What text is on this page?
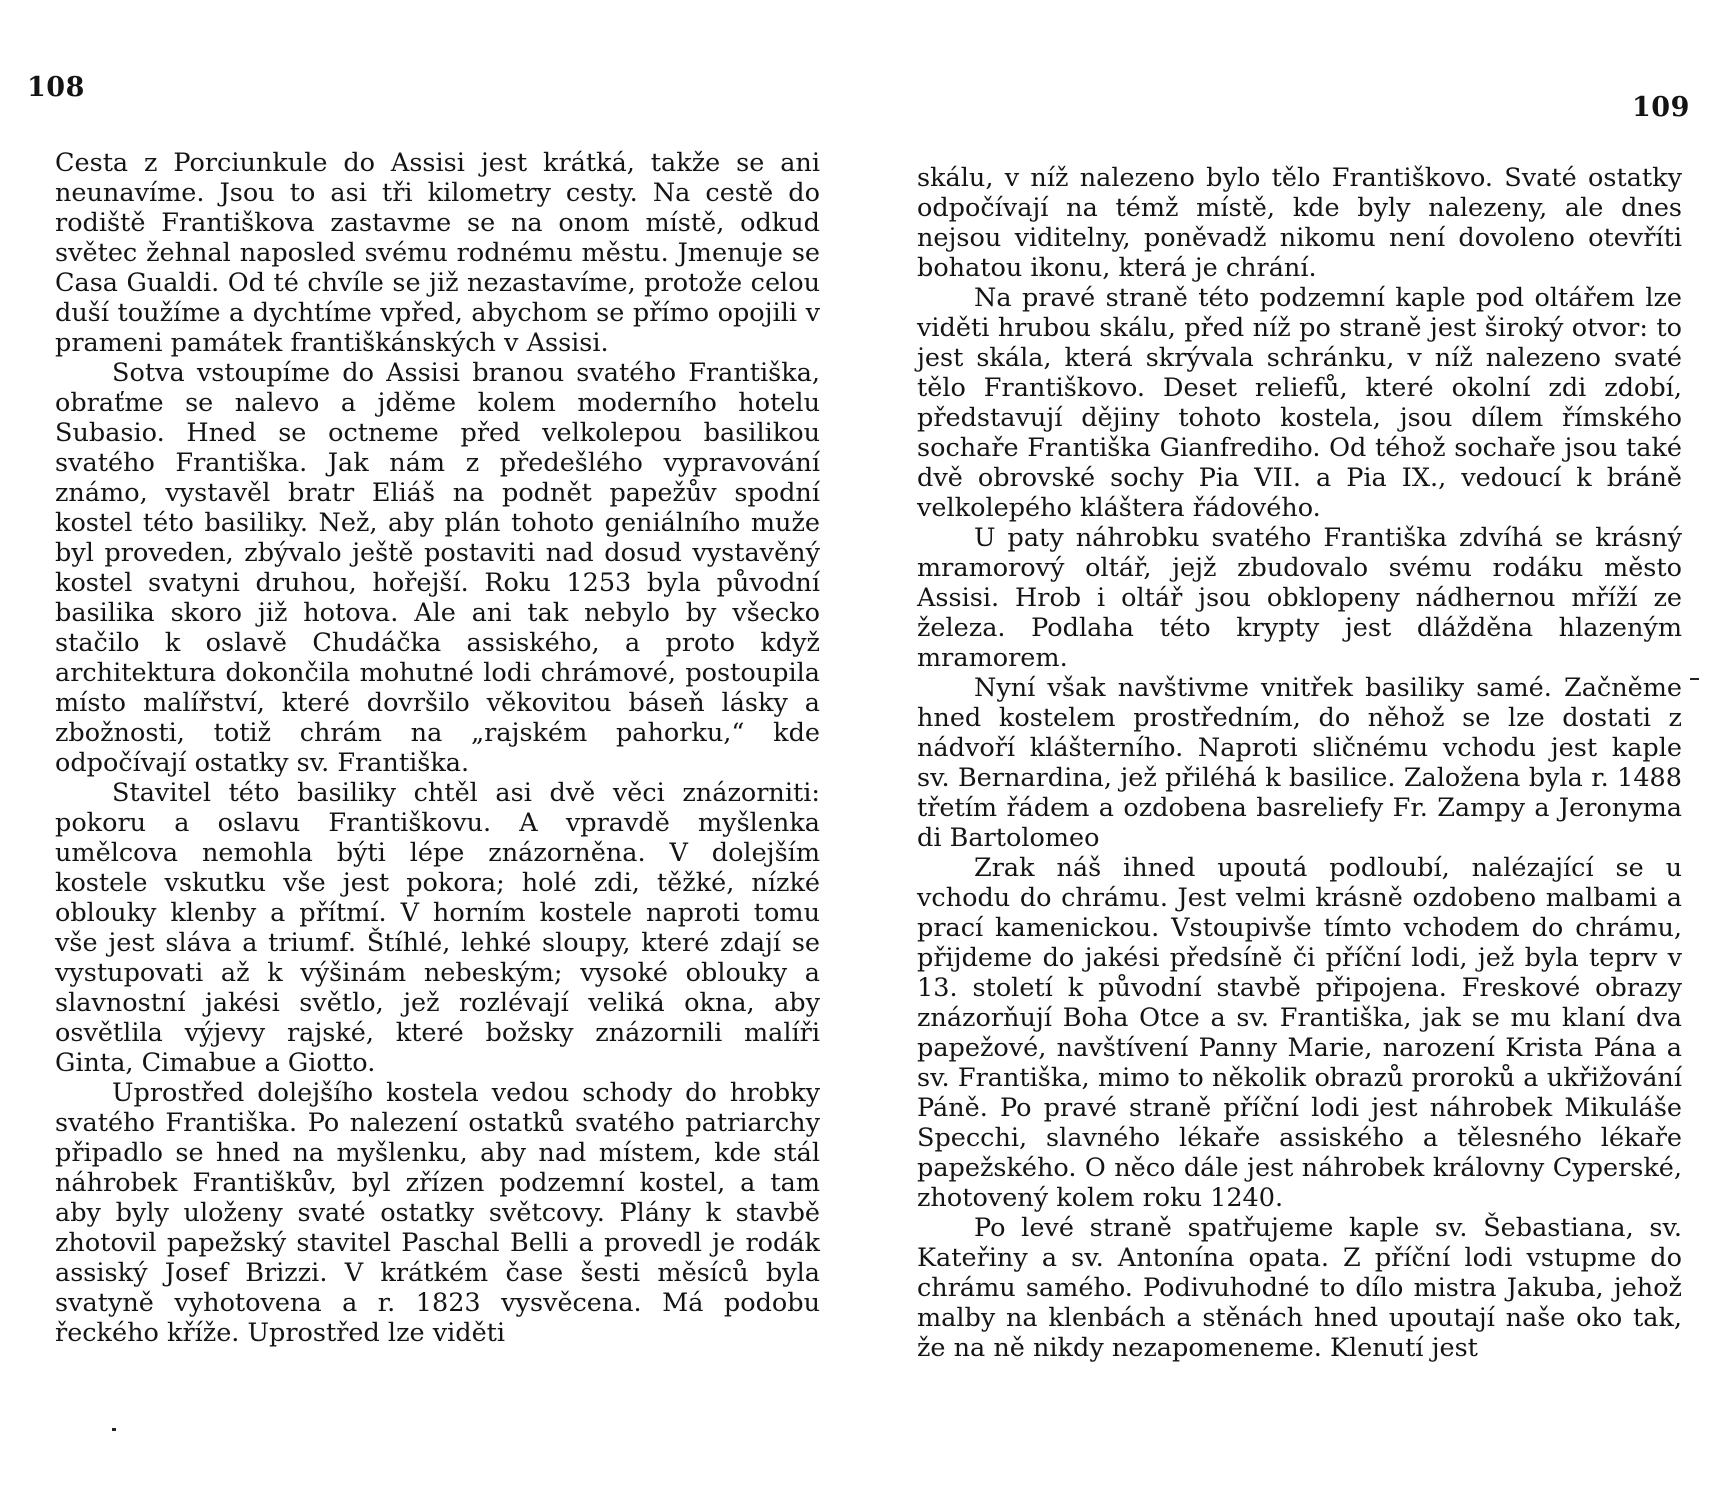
108

Cesta z Porciunkule do Assisi jest krátká, takže se ani neunavíme. Jsou to asi tři kilometry cesty. Na cestě do rodiště Františkova zastavme se na onom místě, odkud světec žehnal naposled svému rodnému městu. Jmenuje se Casa Gualdi. Od té chvíle se již nezastavíme, protože celou duší toužíme a dychtíme vpřed, abychom se přímo opojili v prameni památek františkánských v Assisi.

Sotva vstoupíme do Assisi branou svatého Františka, obraťme se nalevo a jděme kolem moderního hotelu Subasio. Hned se octneme před velkolepou basilikou svatého Františka. Jak nám z předešlého vypravování známo, vystavěl bratr Eliáš na podnět papežův spodní kostel této basiliky. Než, aby plán tohoto geniálního muže byl proveden, zbývalo ještě postaviti nad dosud vystavěný kostel svatyni druhou, hořejší. Roku 1253 byla původní basilika skoro již hotova. Ale ani tak nebylo by všecko stačilo k oslavě Chudáčka assiského, a proto když architektura dokončila mohutné lodi chrámové, postoupila místo malířství, které dovršilo věkovitou báseň lásky a zbožnosti, totiž chrám na „rajském pahorku,“ kde odpočívají ostatky sv. Františka.

Stavitel této basiliky chtěl asi dvě věci znázorniti: pokoru a oslavu Františkovu. A vpravdě myšlenka umělcova nemohla býti lépe znázorněna. V dolejším kostele vskutku vše jest pokora; holé zdi, těžké, nízké oblouky klenby a přítmí. V horním kostele naproti tomu vše jest sláva a triumf. Štíhlé, lehké sloupy, které zdají se vystupovati až k výšinám nebeským; vysoké oblouky a slavnostní jakési světlo, jež rozlévají veliká okna, aby osvětlila výjevy rajské, které božsky znázornili malíři Ginta, Cimabue a Giotto.

Uprostřed dolejšího kostela vedou schody do hrobky svatého Františka. Po nalezení ostatků svatého patriarchy připadlo se hned na myšlenku, aby nad místem, kde stál náhrobek Františkův, byl zřízen podzemní kostel, a tam aby byly uloženy svaté ostatky světcovy. Plány k stavbě zhotovil papežský stavitel Paschal Belli a provedl je rodák assiský Josef Brizzi. V krátkém čase šesti měsíců byla svatyně vyhotovena a r. 1823 vysvěcena. Má podobu řeckého kříže. Uprostřed lze viděti

109

skálu, v níž nalezeno bylo tělo Františkovo. Svaté ostatky odpočívají na témž místě, kde byly nalezeny, ale dnes nejsou viditelny, poněvadž nikomu není dovoleno otevříti bohatou ikonu, která je chrání.

Na pravé straně této podzemní kaple pod oltářem lze viděti hrubou skálu, před níž po straně jest široký otvor: to jest skála, která skrývala schránku, v níž nalezeno svaté tělo Františkovo. Deset reliefů, které okolní zdi zdobí, představují dějiny tohoto kostela, jsou dílem římského sochaře Františka Gianfrediho. Od téhož sochaře jsou také dvě obrovské sochy Pia VII. a Pia IX., vedoucí k bráně velkolepého kláštera řádového.

U paty náhrobku svatého Františka zdvíhá se krásný mramorový oltář, jejž zbudovalo svému rodáku město Assisi. Hrob i oltář jsou obklopeny nádhernou mříží ze železa. Podlaha této krypty jest dlážděna hlazeným mramorem.

Nyní však navštivme vnitřek basiliky samé. Začněme hned kostelem prostředním, do něhož se lze dostati z nádvoří klášterního. Naproti sličnému vchodu jest kaple sv. Bernardina, jež přiléhá k basilice. Založena byla r. 1488 třetím řádem a ozdobena basreliefy Fr. Zampy a Jeronyma di Bartolomeo

Zrak náš ihned upoutá podloubí, nalézající se u vchodu do chrámu. Jest velmi krásně ozdobeno malbami a prací kamenickou. Vstoupivše tímto vchodem do chrámu, přijdeme do jakési předsíně či příční lodi, jež byla teprv v 13. století k původní stavbě připojena. Freskové obrazy znázorňují Boha Otce a sv. Františka, jak se mu klaní dva papežové, navštívení Panny Marie, narození Krista Pána a sv. Františka, mimo to několik obrazů proroků a ukřižování Páně. Po pravé straně příční lodi jest náhrobek Mikuláše Specchi, slavného lékaře assiského a tělesného lékaře papežského. O něco dále jest náhrobek královny Cyperské, zhotovený kolem roku 1240.

Po levé straně spatřujeme kaple sv. Šebastiana, sv. Kateřiny a sv. Antonína opata. Z příční lodi vstupme do chrámu samého. Podivuhodné to dílo mistra Jakuba, jehož malby na klenbách a stěnách hned upoutají naše oko tak, že na ně nikdy nezapomeneme. Klenutí jest
